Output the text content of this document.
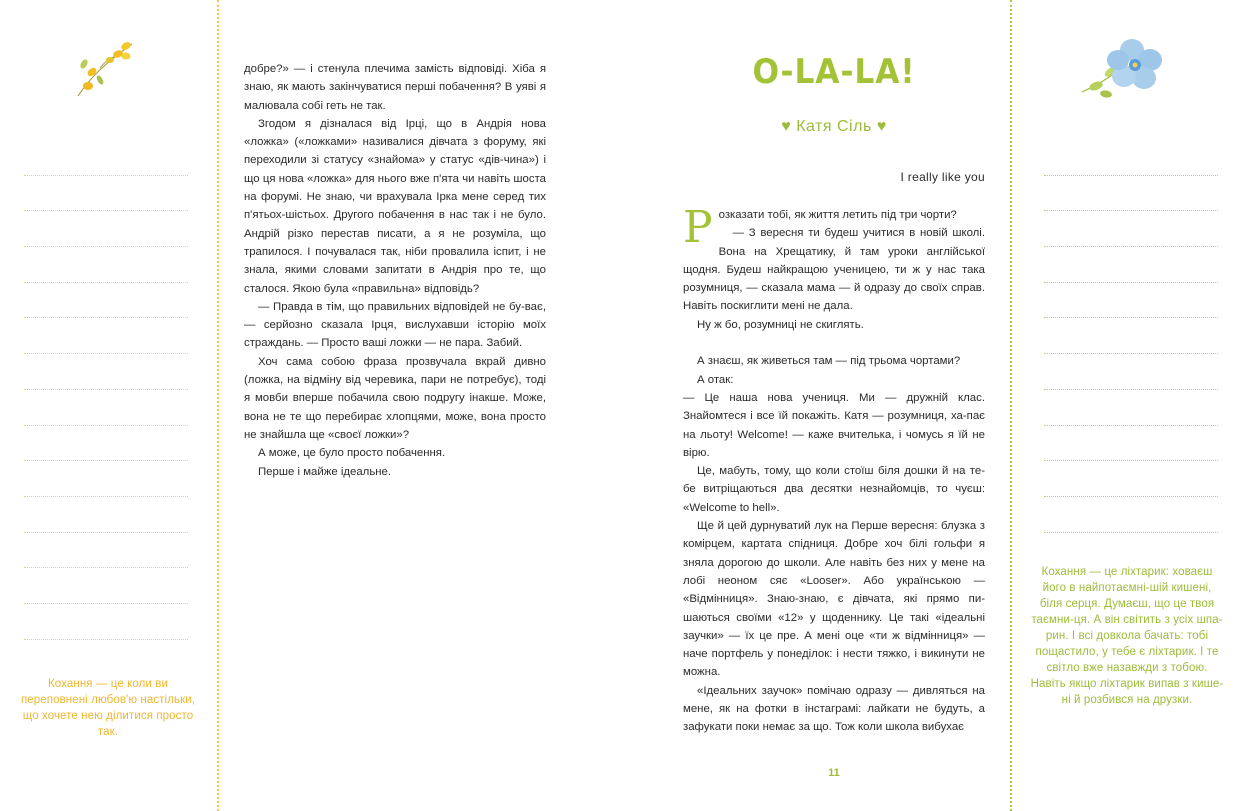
Кохання — це коли ви переповнені любов'ю настільки, що хочете нею ділитися просто так.

добре?» — і стенула плечима замість відповіді. Хіба я знаю, як мають закінчуватися перші побачення? В уяві я малювала собі геть не так.

Згодом я дізналася від Ірці, що в Андрія нова «ложка» («ложками» називалися дівчата з форуму, які переходили зі статусу «знайома» у статус «дів-чина») і що ця нова «ложка» для нього вже п'ята чи навіть шоста на форумі. Не знаю, чи врахувала Ірка мене серед тих п'ятьох-шістьох. Другого побачення в нас так і не було. Андрій різко перестав писати, а я не розуміла, що трапилося. І почувалася так, ніби провалила іспит, і не знала, якими словами запитати в Андрія про те, що сталося. Якою була «правильна» відповідь?

— Правда в тім, що правильних відповідей не бу-ває, — серйозно сказала Ірця, вислухавши історію моїх страждань. — Просто ваші ложки — не пара. Забий.

Хоч сама собою фраза прозвучала вкрай дивно (ложка, на відміну від черевика, пари не потребує), тоді я мовби вперше побачила свою подругу інакше. Може, вона не те що перебирає хлопцями, може, вона просто не знайшла ще «своєї ложки»?

А може, це було просто побачення.

Перше і майже ідеальне.

O-LA-LA!
♥ Катя Сіль ♥
I really like you

Розказати тобі, як життя летить під три чорти?

— З вересня ти будеш учитися в новій школі. Вона на Хрещатику, й там уроки англійської щодня. Будеш найкращою ученицею, ти ж у нас така розумниця, — сказала мама — й одразу до своїх справ. Навіть поскиглити мені не дала.

Ну ж бо, розумниці не скиглять.

А знаєш, як живеться там — під трьома чортами?

А отак:

— Це наша нова учениця. Ми — дружній клас. Знайомтеся і все їй покажіть. Катя — розумниця, ха-пає на льоту! Welcome! — каже вчителька, і чомусь я їй не вірю.

Це, мабуть, тому, що коли стоїш біля дошки й на те-бе витріщаються два десятки незнайомців, то чуєш: «Welcome to hell».

Ще й цей дурнуватий лук на Перше вересня: блузка з комірцем, картата спідниця. Добре хоч білі гольфи я зняла дорогою до школи. Але навіть без них у мене на лобі неоном сяє «Looser». Або українською — «Відмінниця». Знаю-знаю, є дівчата, які прямо пи-шаються своїми «12» у щоденнику. Це такі «ідеальні заучки» — їх це пре. А мені оце «ти ж відмінниця» — наче портфель у понеділок: і нести тяжко, і викинути не можна.

«Ідеальних заучок» помічаю одразу — дивляться на мене, як на фотки в інстаграмі: лайкати не будуть, а зафукати поки немає за що. Тож коли школа вибухає

11
Кохання — це ліхтарик: ховаєш його в найпотаємні-шій кишені, біля серця. Думаєш, що це твоя таємни-ця. А він світить з усіх шпа-рин. І всі довкола бачать: тобі пощастило, у тебе є ліхтарик. І те світло вже назавжди з тобою. Навіть якщо ліхтарик випав з кише-ні й розбився на друзки.
